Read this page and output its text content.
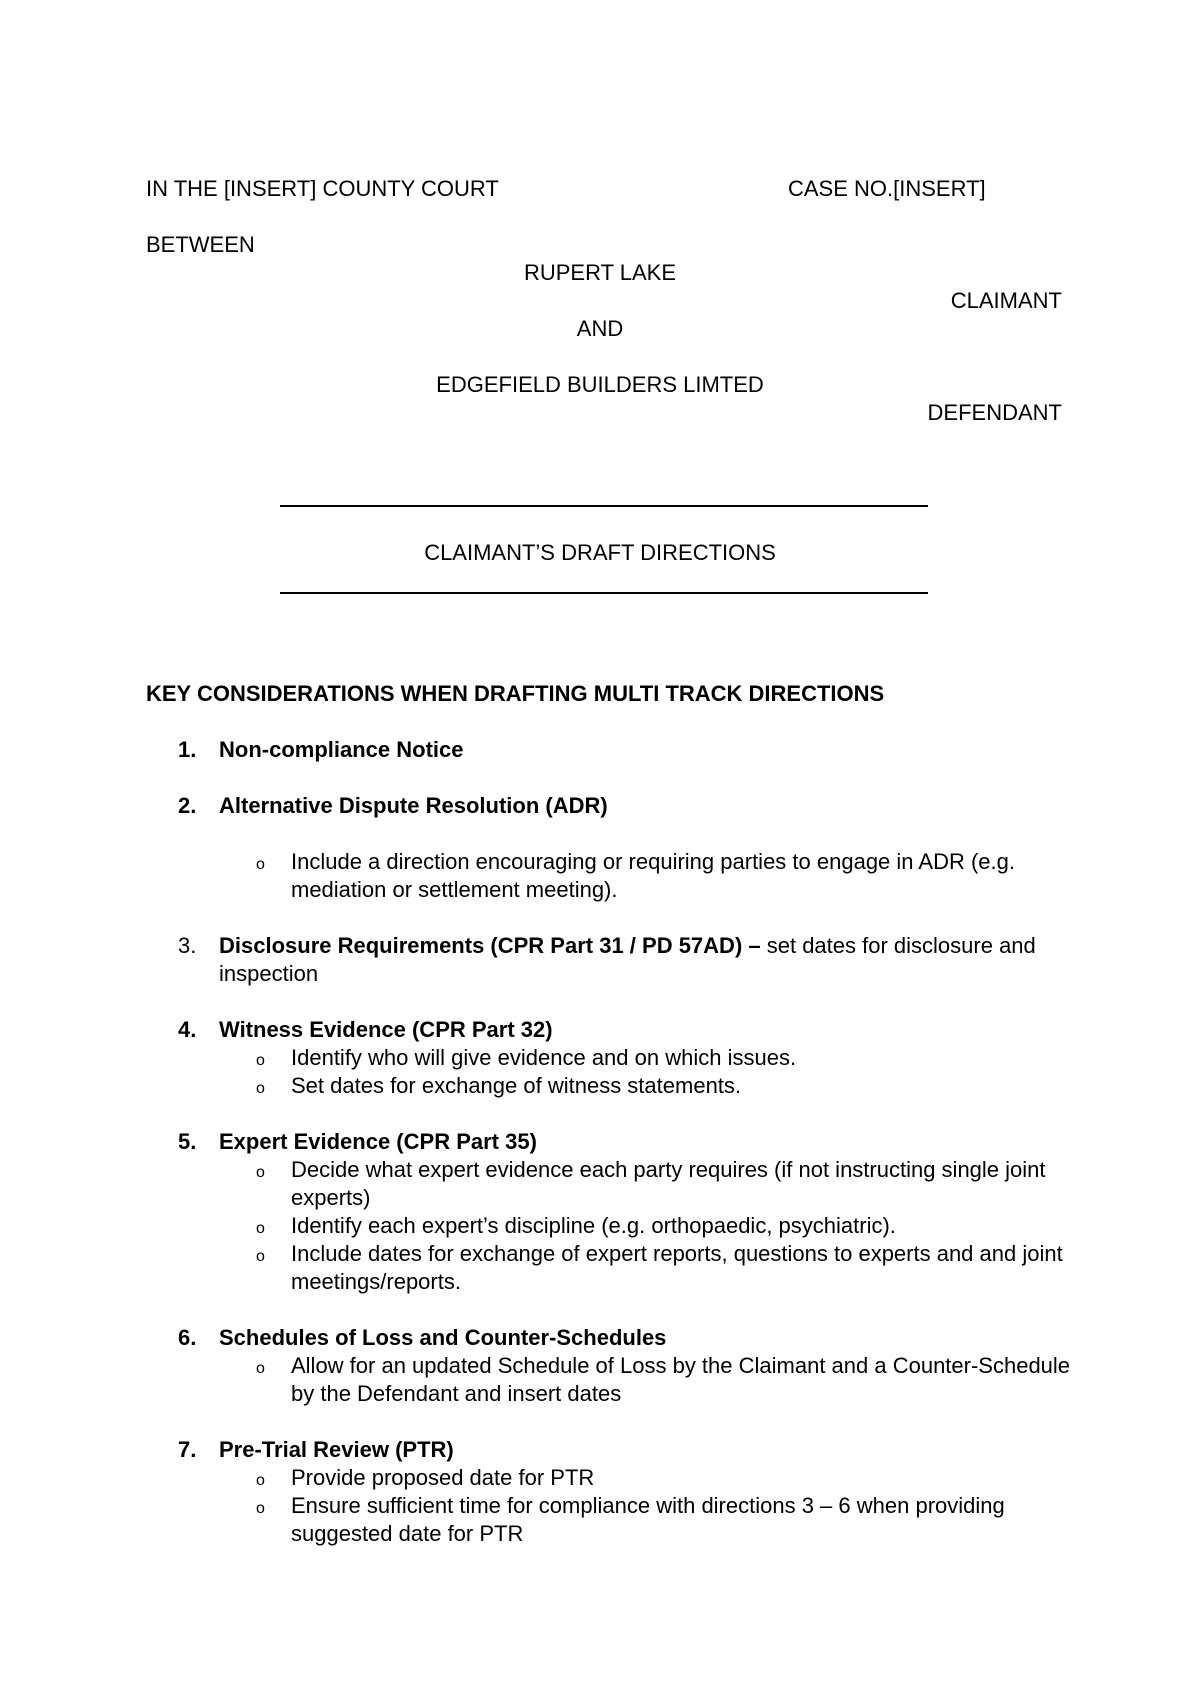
IN THE [INSERT] COUNTY COURT	CASE NO.[INSERT]
BETWEEN
RUPERT LAKE
CLAIMANT
AND
EDGEFIELD BUILDERS LIMTED
DEFENDANT
CLAIMANT’S DRAFT DIRECTIONS
KEY CONSIDERATIONS WHEN DRAFTING MULTI TRACK DIRECTIONS
1.	Non-compliance Notice
2.	Alternative Dispute Resolution (ADR)
o Include a direction encouraging or requiring parties to engage in ADR (e.g. mediation or settlement meeting).
3.	Disclosure Requirements (CPR Part 31 / PD 57AD) – set dates for disclosure and inspection
4.	Witness Evidence (CPR Part 32)
o Identify who will give evidence and on which issues.
o Set dates for exchange of witness statements.
5.	Expert Evidence (CPR Part 35)
o Decide what expert evidence each party requires (if not instructing single joint experts)
o Identify each expert’s discipline (e.g. orthopaedic, psychiatric).
o Include dates for exchange of expert reports, questions to experts and and joint meetings/reports.
6.	Schedules of Loss and Counter-Schedules
o Allow for an updated Schedule of Loss by the Claimant and a Counter-Schedule by the Defendant and insert dates
7.	Pre-Trial Review (PTR)
o Provide proposed date for PTR
o Ensure sufficient time for compliance with directions 3 – 6 when providing suggested date for PTR
